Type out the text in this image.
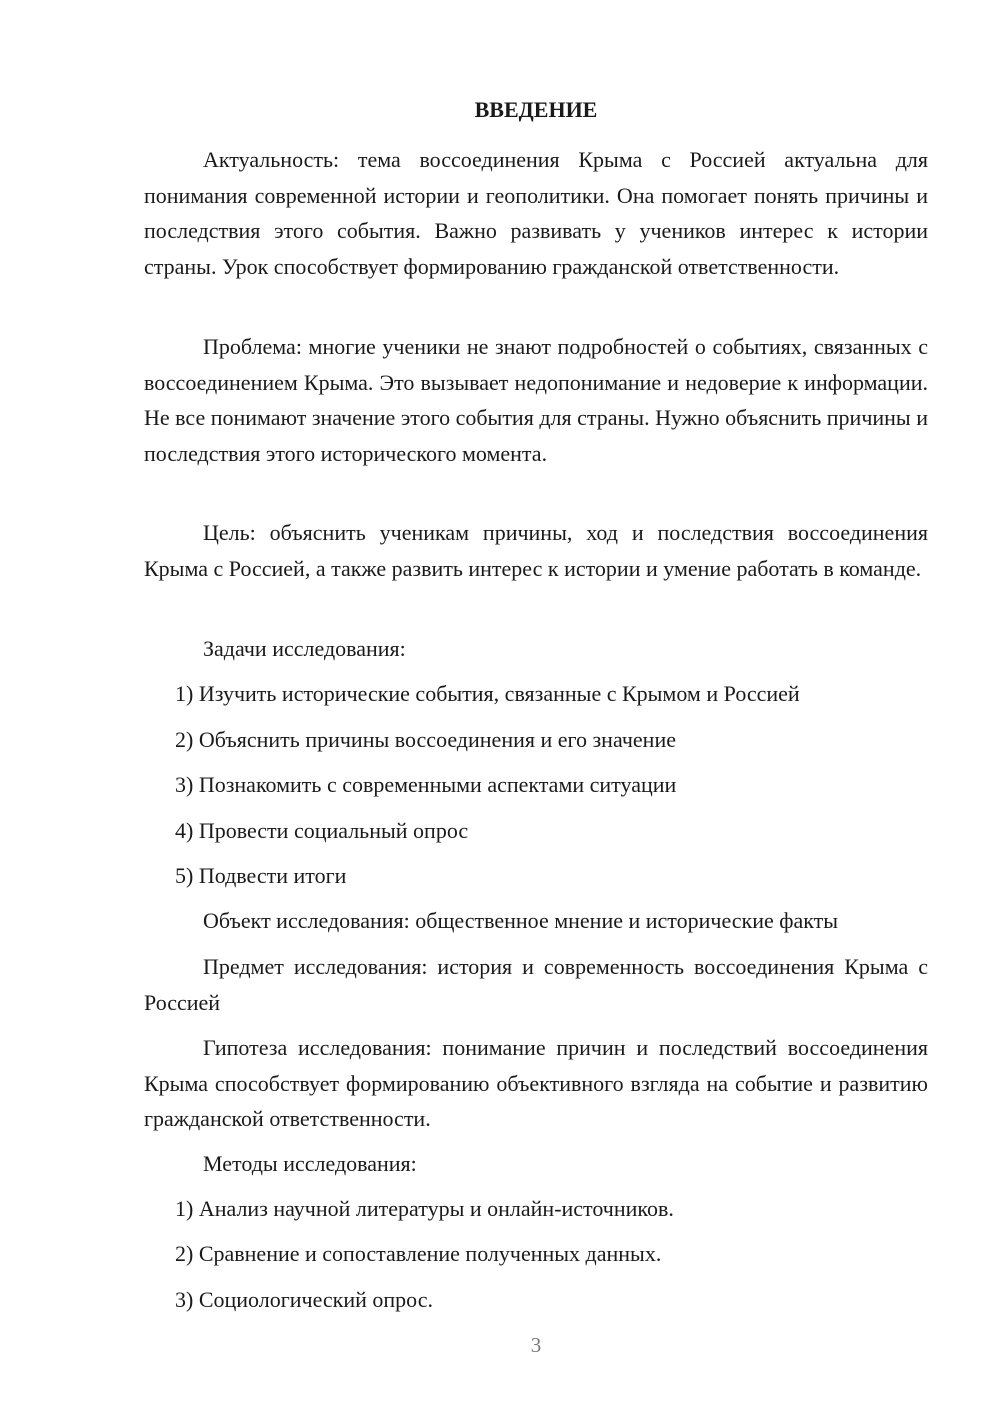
ВВЕДЕНИЕ

Актуальность: тема воссоединения Крыма с Россией актуальна для понимания современной истории и геополитики. Она помогает понять причины и последствия этого события. Важно развивать у учеников интерес к истории страны. Урок способствует формированию гражданской ответственности.

Проблема: многие ученики не знают подробностей о событиях, связанных с воссоединением Крыма. Это вызывает недопонимание и недоверие к информации. Не все понимают значение этого события для страны. Нужно объяснить причины и последствия этого исторического момента.

Цель: объяснить ученикам причины, ход и последствия воссоединения Крыма с Россией, а также развить интерес к истории и умение работать в команде.

Задачи исследования:

1) Изучить исторические события, связанные с Крымом и Россией

2) Объяснить причины воссоединения и его значение

3) Познакомить с современными аспектами ситуации

4) Провести социальный опрос

5) Подвести итоги

Объект исследования: общественное мнение и исторические факты

Предмет исследования: история и современность воссоединения Крыма с Россией

Гипотеза исследования: понимание причин и последствий воссоединения Крыма способствует формированию объективного взгляда на событие и развитию гражданской ответственности.

Методы исследования:

1) Анализ научной литературы и онлайн-источников.

2) Сравнение и сопоставление полученных данных.

3) Социологический опрос.

3
